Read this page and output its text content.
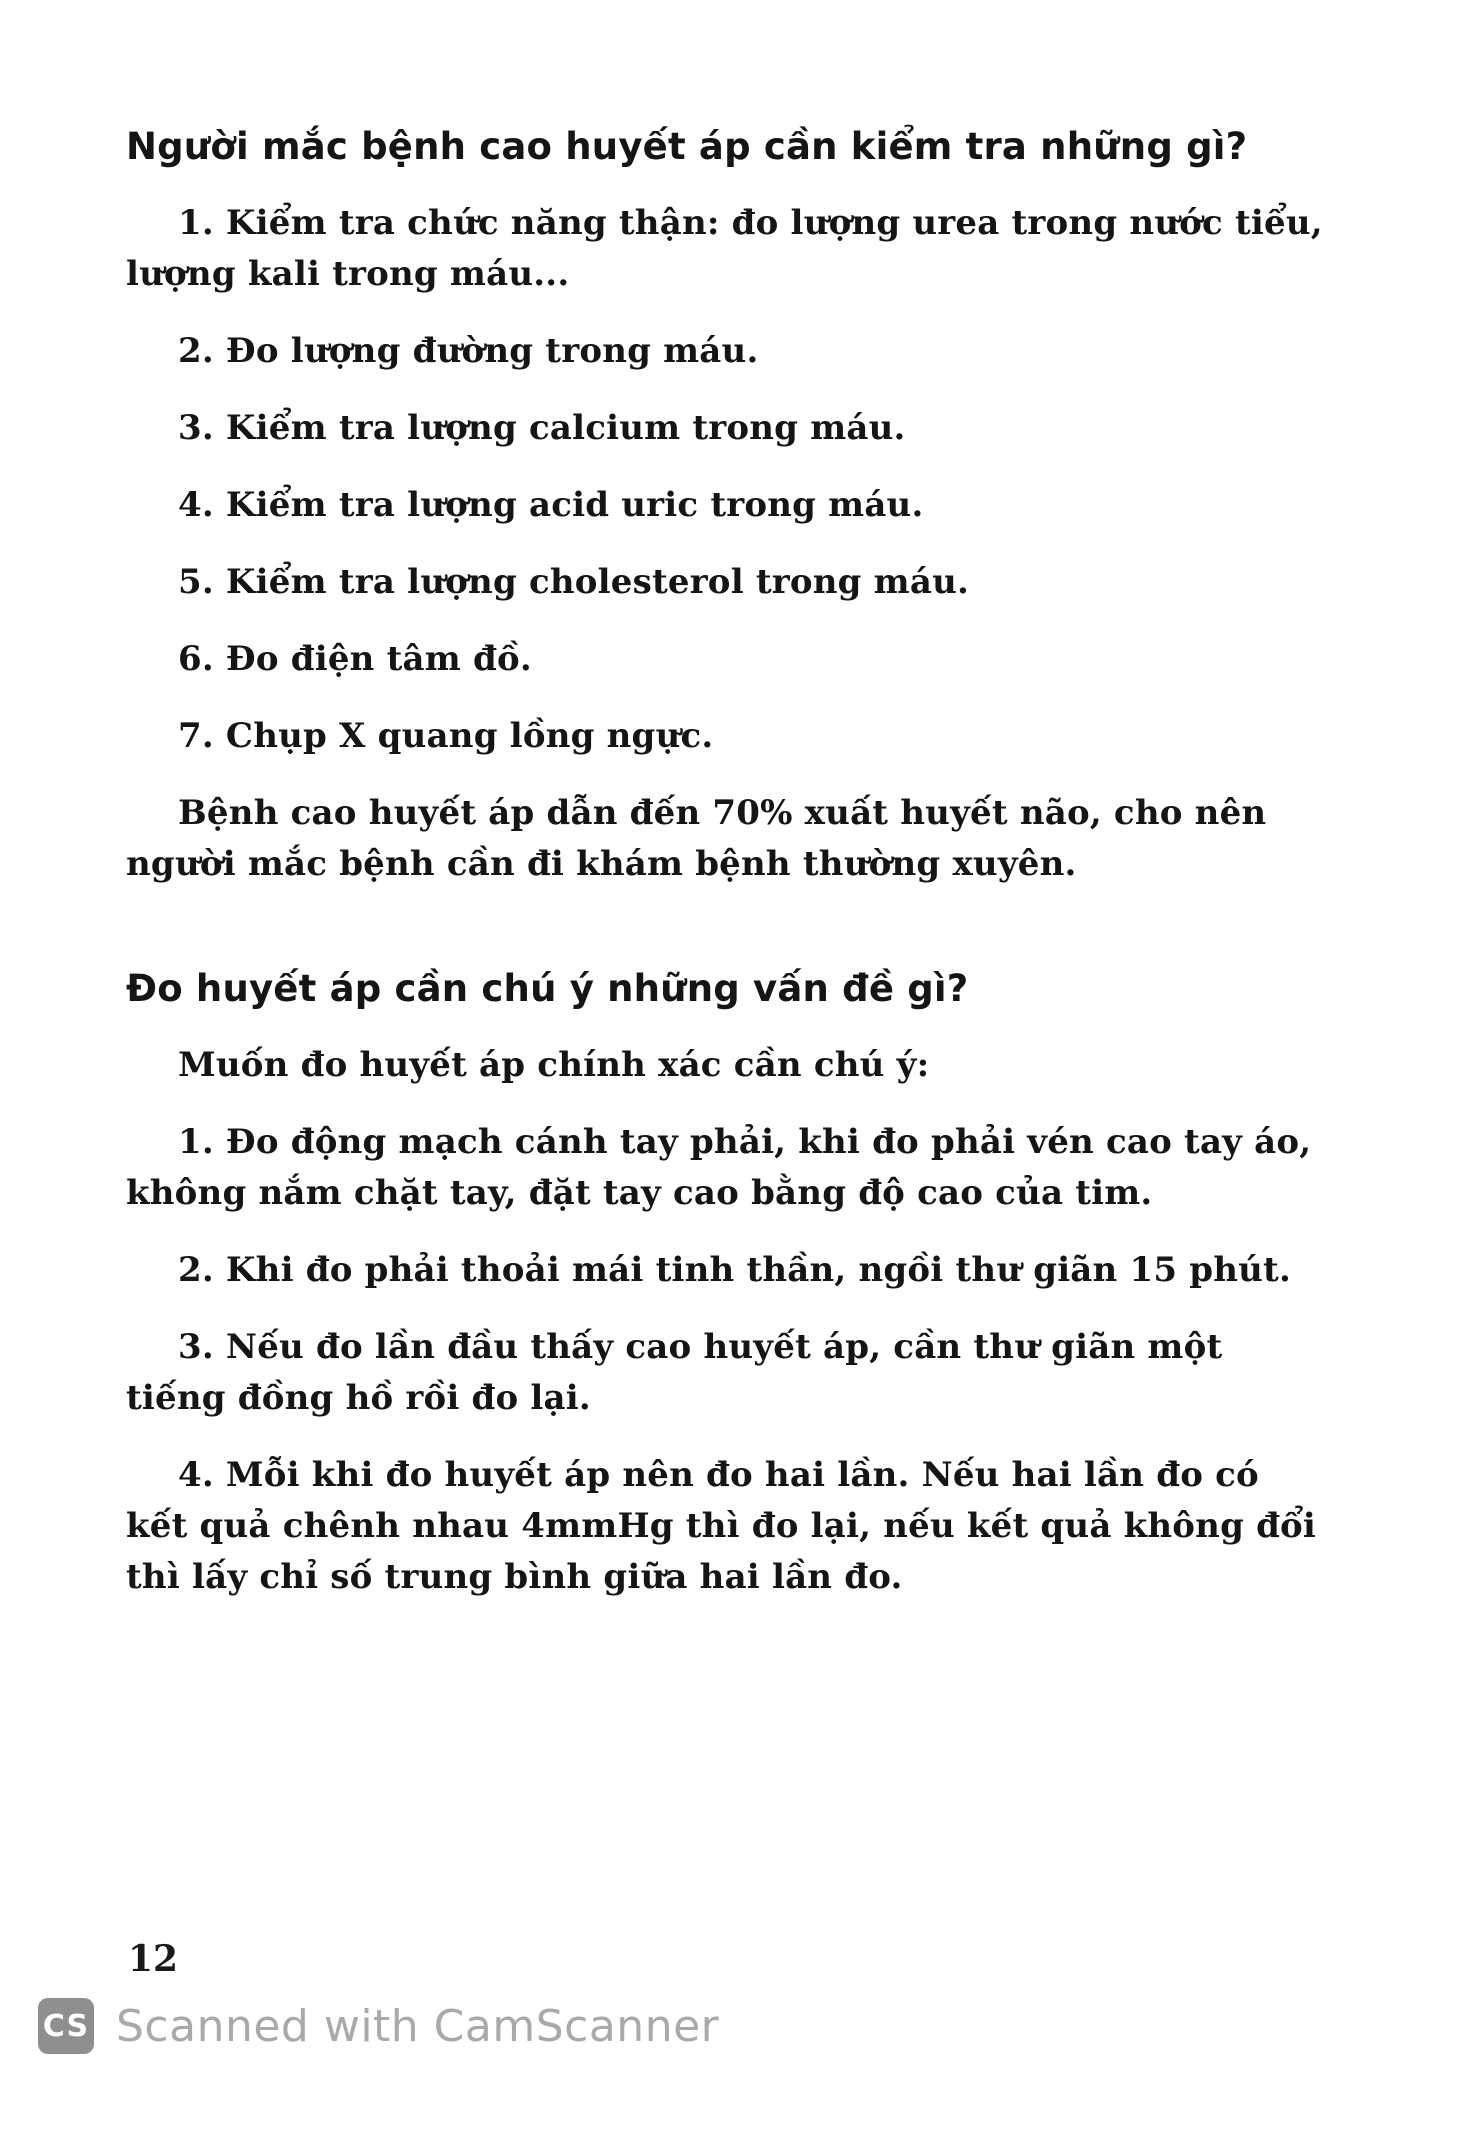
Người mắc bệnh cao huyết áp cần kiểm tra những gì?

1. Kiểm tra chức năng thận: đo lượng urea trong nước tiểu, lượng kali trong máu...

2. Đo lượng đường trong máu.

3. Kiểm tra lượng calcium trong máu.

4. Kiểm tra lượng acid uric trong máu.

5. Kiểm tra lượng cholesterol trong máu.

6. Đo điện tâm đồ.

7. Chụp X quang lồng ngực.

Bệnh cao huyết áp dẫn đến 70% xuất huyết não, cho nên người mắc bệnh cần đi khám bệnh thường xuyên.

Đo huyết áp cần chú ý những vấn đề gì?

Muốn đo huyết áp chính xác cần chú ý:

1. Đo động mạch cánh tay phải, khi đo phải vén cao tay áo, không nắm chặt tay, đặt tay cao bằng độ cao của tim.

2. Khi đo phải thoải mái tinh thần, ngồi thư giãn 15 phút.

3. Nếu đo lần đầu thấy cao huyết áp, cần thư giãn một tiếng đồng hồ rồi đo lại.

4. Mỗi khi đo huyết áp nên đo hai lần. Nếu hai lần đo có kết quả chênh nhau 4mmHg thì đo lại, nếu kết quả không đổi thì lấy chỉ số trung bình giữa hai lần đo.

12
CS Scanned with CamScanner
